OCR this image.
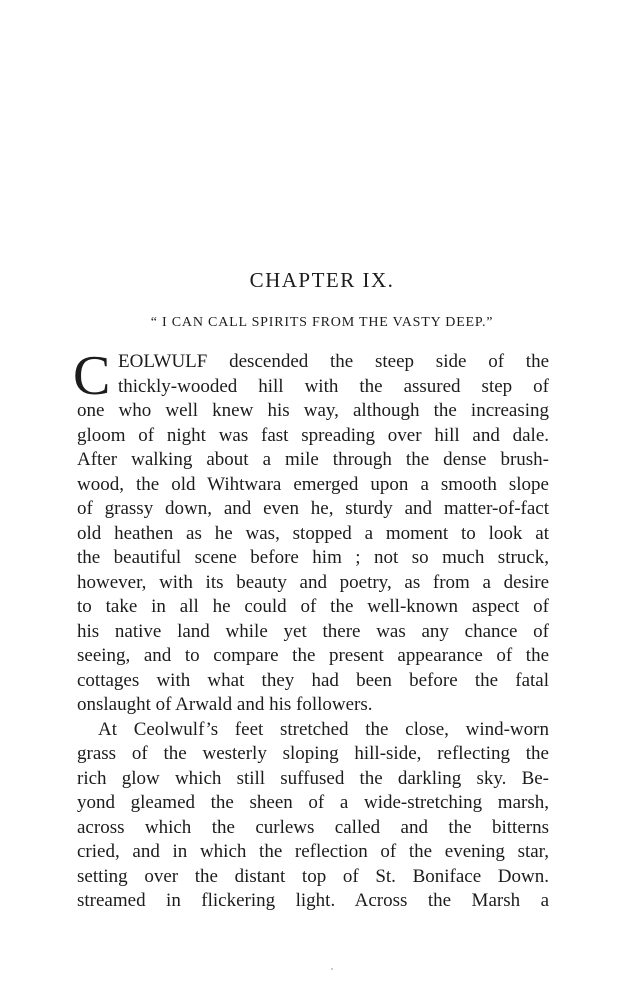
CHAPTER IX.
“ I CAN CALL SPIRITS FROM THE VASTY DEEP.”
C EOLWULF descended the steep side of the
thickly-wooded hill with the assured step of
one who well knew his way, although the increasing
gloom of night was fast spreading over hill and dale.
After walking about a mile through the dense brush-
wood, the old Wihtwara emerged upon a smooth slope
of grassy down, and even he, sturdy and matter-of-fact
old heathen as he was, stopped a moment to look at
the beautiful scene before him ; not so much struck,
however, with its beauty and poetry, as from a desire
to take in all he could of the well-known aspect of
his native land while yet there was any chance of
seeing, and to compare the present appearance of the
cottages with what they had been before the fatal
onslaught of Arwald and his followers.
At Ceolwulf’s feet stretched the close, wind-worn
grass of the westerly sloping hill-side, reflecting the
rich glow which still suffused the darkling sky. Be-
yond gleamed the sheen of a wide-stretching marsh,
across which the curlews called and the bitterns
cried, and in which the reflection of the evening star,
setting over the distant top of St. Boniface Down.
streamed in flickering light. Across the Marsh a
